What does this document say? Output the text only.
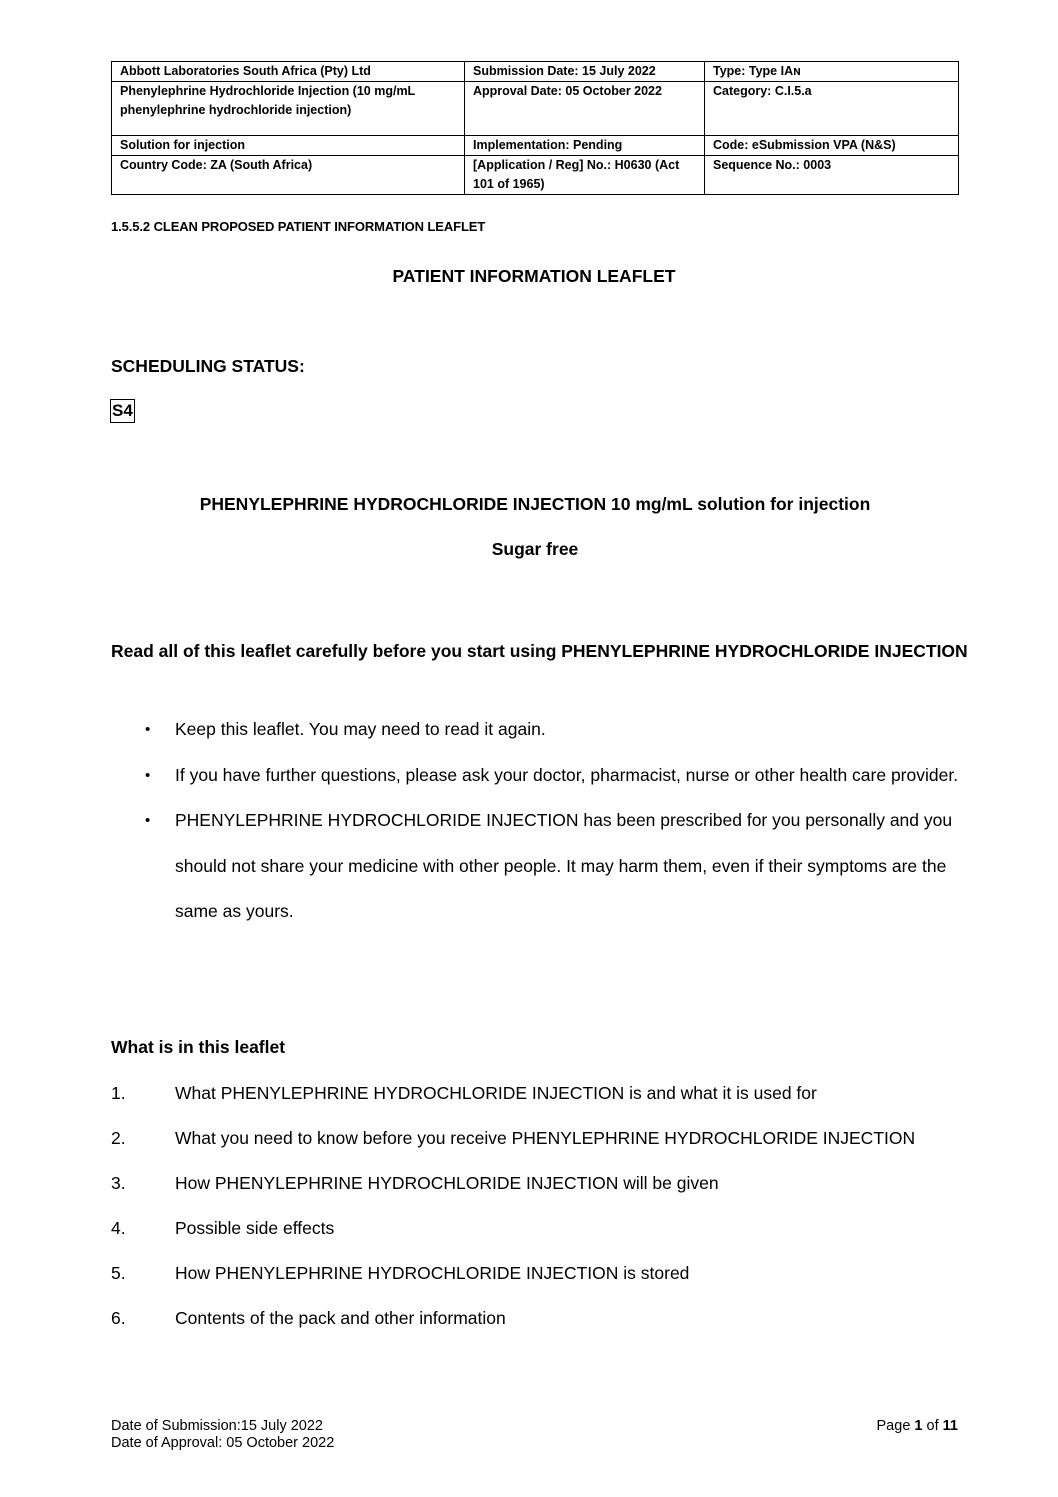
Abbott Laboratories South Africa (Pty) Ltd	Submission Date: 15 July 2022	Type: Type IAɴ
Phenylephrine Hydrochloride Injection (10 mg/mL phenylephrine hydrochloride injection)	Approval Date: 05 October 2022	Category: C.I.5.a
Solution for injection	Implementation: Pending	Code: eSubmission VPA (N&S)
Country Code: ZA (South Africa)	[Application / Reg] No.: H0630 (Act 101 of 1965)	Sequence No.: 0003
1.5.5.2 CLEAN PROPOSED PATIENT INFORMATION LEAFLET
PATIENT INFORMATION LEAFLET
SCHEDULING STATUS:
S4
PHENYLEPHRINE HYDROCHLORIDE INJECTION 10 mg/mL solution for injection
Sugar free
Read all of this leaflet carefully before you start using PHENYLEPHRINE HYDROCHLORIDE INJECTION
• Keep this leaflet. You may need to read it again.
• If you have further questions, please ask your doctor, pharmacist, nurse or other health care provider.
• PHENYLEPHRINE HYDROCHLORIDE INJECTION has been prescribed for you personally and you should not share your medicine with other people. It may harm them, even if their symptoms are the same as yours.
What is in this leaflet
1.	What PHENYLEPHRINE HYDROCHLORIDE INJECTION is and what it is used for
2.	What you need to know before you receive PHENYLEPHRINE HYDROCHLORIDE INJECTION
3.	How PHENYLEPHRINE HYDROCHLORIDE INJECTION will be given
4.	Possible side effects
5.	How PHENYLEPHRINE HYDROCHLORIDE INJECTION is stored
6.	Contents of the pack and other information
Date of Submission:15 July 2022
Date of Approval: 05 October 2022
Page 1 of 11
